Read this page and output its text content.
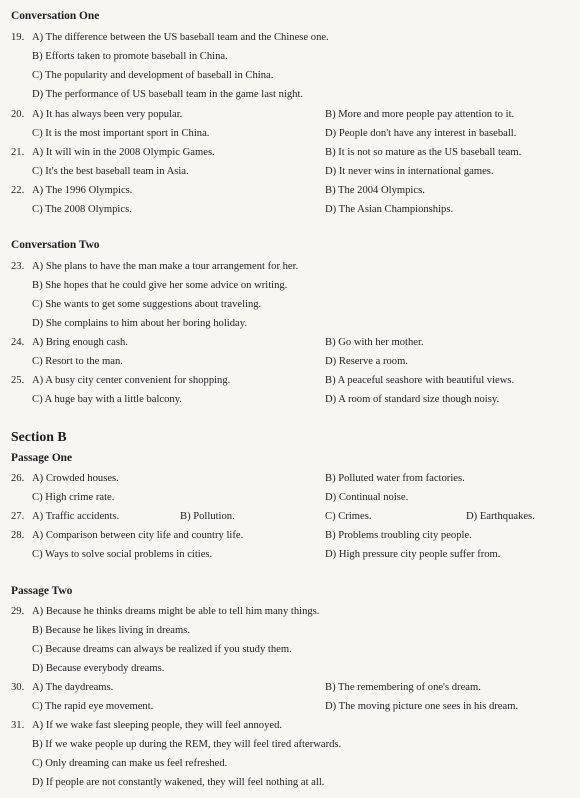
Conversation One
19. A) The difference between the US baseball team and the Chinese one.
B) Efforts taken to promote baseball in China.
C) The popularity and development of baseball in China.
D) The performance of US baseball team in the game last night.
20. A) It has always been very popular.	B) More and more people pay attention to it.
C) It is the most important sport in China.	D) People don't have any interest in baseball.
21. A) It will win in the 2008 Olympic Games.	B) It is not so mature as the US baseball team.
C) It's the best baseball team in Asia.	D) It never wins in international games.
22. A) The 1996 Olympics.	B) The 2004 Olympics.
C) The 2008 Olympics.	D) The Asian Championships.
Conversation Two
23. A) She plans to have the man make a tour arrangement for her.
B) She hopes that he could give her some advice on writing.
C) She wants to get some suggestions about traveling.
D) She complains to him about her boring holiday.
24. A) Bring enough cash.	B) Go with her mother.
C) Resort to the man.	D) Reserve a room.
25. A) A busy city center convenient for shopping.	B) A peaceful seashore with beautiful views.
C) A huge bay with a little balcony.	D) A room of standard size though noisy.
Section B
Passage One
26. A) Crowded houses.	B) Polluted water from factories.
C) High crime rate.	D) Continual noise.
27. A) Traffic accidents.	B) Pollution.	C) Crimes.	D) Earthquakes.
28. A) Comparison between city life and country life.	B) Problems troubling city people.
C) Ways to solve social problems in cities.	D) High pressure city people suffer from.
Passage Two
29. A) Because he thinks dreams might be able to tell him many things.
B) Because he likes living in dreams.
C) Because dreams can always be realized if you study them.
D) Because everybody dreams.
30. A) The daydreams.	B) The remembering of one's dream.
C) The rapid eye movement.	D) The moving picture one sees in his dream.
31. A) If we wake fast sleeping people, they will feel annoyed.
B) If we wake people up during the REM, they will feel tired afterwards.
C) Only dreaming can make us feel refreshed.
D) If people are not constantly wakened, they will feel nothing at all.
